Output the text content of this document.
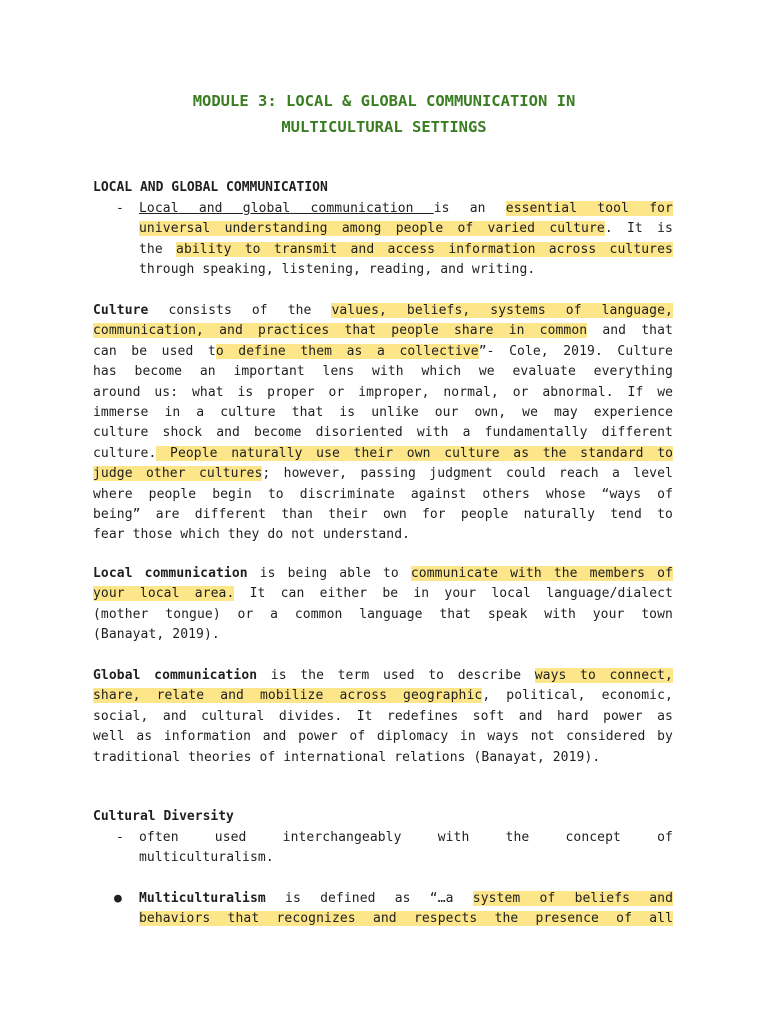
MODULE 3: LOCAL & GLOBAL COMMUNICATION IN
MULTICULTURAL SETTINGS
LOCAL AND GLOBAL COMMUNICATION
- Local and global communication is an essential tool for
universal understanding among people of varied culture. It is
the ability to transmit and access information across cultures
through speaking, listening, reading, and writing.
Culture consists of the values, beliefs, systems of language,
communication, and practices that people share in common and that
can be used to define them as a collective”- Cole, 2019. Culture
has become an important lens with which we evaluate everything
around us: what is proper or improper, normal, or abnormal. If we
immerse in a culture that is unlike our own, we may experience
culture shock and become disoriented with a fundamentally different
culture. People naturally use their own culture as the standard to
judge other cultures; however, passing judgment could reach a level
where people begin to discriminate against others whose “ways of
being” are different than their own for people naturally tend to
fear those which they do not understand.
Local communication is being able to communicate with the members of
your local area. It can either be in your local language/dialect
(mother tongue) or a common language that speak with your town
(Banayat, 2019).
Global communication is the term used to describe ways to connect,
share, relate and mobilize across geographic, political, economic,
social, and cultural divides. It redefines soft and hard power as
well as information and power of diplomacy in ways not considered by
traditional theories of international relations (Banayat, 2019).
Cultural Diversity
- often	used	interchangeably	with	the	concept	of
multiculturalism.
● Multiculturalism is defined as “…a system of beliefs and
behaviors that recognizes and respects the presence of all
